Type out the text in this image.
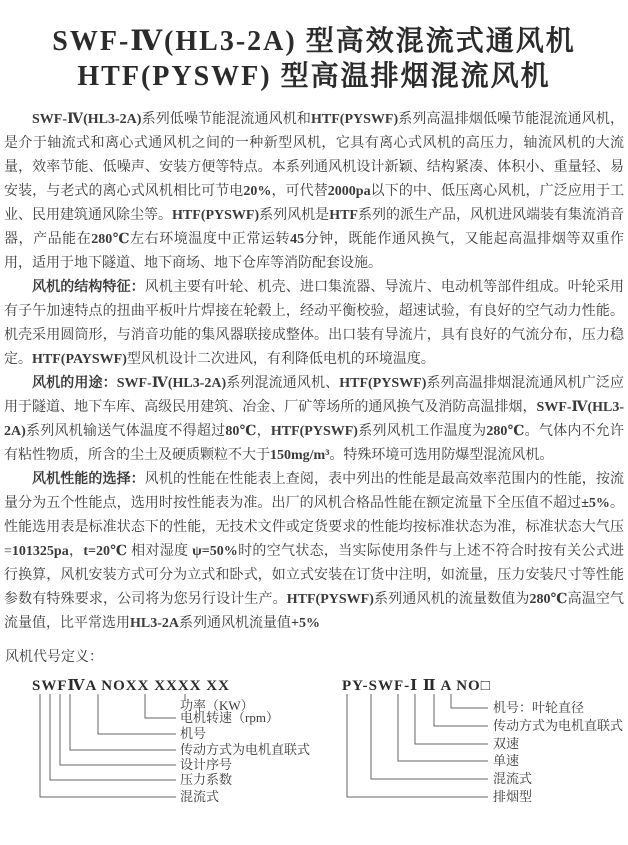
SWF-Ⅳ(HL3-2A) 型高效混流式通风机
HTF(PYSWF) 型高温排烟混流风机

SWF-Ⅳ(HL3-2A)系列低噪节能混流通风机和HTF(PYSWF)系列高温排烟低噪节能混流通风机，是介于轴流式和离心式通风机之间的一种新型风机，它具有离心式风机的高压力，轴流风机的大流量，效率节能、低噪声、安装方便等特点。本系列通风机设计新颖、结构紧凑、体积小、重量轻、易安装，与老式的离心式风机相比可节电20%，可代替2000pa以下的中、低压离心风机，广泛应用于工业、民用建筑通风除尘等。HTF(PYSWF)系列风机是HTF系列的派生产品，风机进风端装有集流消音器，产品能在280℃左右环境温度中正常运转45分钟，既能作通风换气，又能起高温排烟等双重作用，适用于地下隧道、地下商场、地下仓库等消防配套设施。

风机的结构特征：风机主要有叶轮、机壳、进口集流器、导流片、电动机等部件组成。叶轮采用有子午加速特点的扭曲平板叶片焊接在轮毂上，经动平衡校验，超速试验，有良好的空气动力性能。机壳采用圆筒形，与消音功能的集风器联接成整体。出口装有导流片，具有良好的气流分布，压力稳定。HTF(PAYSWF)型风机设计二次进风，有利降低电机的环境温度。

风机的用途：SWF-Ⅳ(HL3-2A)系列混流通风机、HTF(PYSWF)系列高温排烟混流通风机广泛应用于隧道、地下车库、高级民用建筑、冶金、厂矿等场所的通风换气及消防高温排烟，SWF-Ⅳ(HL3-2A)系列风机输送气体温度不得超过80℃，HTF(PYSWF)系列风机工作温度为280℃。气体内不允许有粘性物质，所含的尘土及硬质颗粒不大于150mg/m³。特殊环境可选用防爆型混流风机。

风机性能的选择：风机的性能在性能表上查阅，表中列出的性能是最高效率范围内的性能，按流量分为五个性能点，选用时按性能表为准。出厂的风机合格品性能在额定流量下全压值不超过±5%。性能选用表是标准状态下的性能，无技术文件或定货要求的性能均按标准状态为准，标准状态大气压=101325pa，t=20℃ 相对湿度 ψ=50%时的空气状态，当实际使用条件与上述不符合时按有关公式进行换算，风机安装方式可分为立式和卧式，如立式安装在订货中注明，如流量，压力安装尺寸等性能参数有特殊要求，公司将为您另行设计生产。HTF(PYSWF)系列通风机的流量数值为280℃高温空气流量值，比平常选用HL3-2A系列通风机流量值+5%

风机代号定义：
SWFⅣA NOXX XXXX XX
功率（KW）
电机转速（rpm）
机号
传动方式为电机直联式
设计序号
压力系数
混流式
PY-SWF-Ⅰ Ⅱ A NO□
机号：叶轮直径
传动方式为电机直联式
双速
单速
混流式
排烟型
